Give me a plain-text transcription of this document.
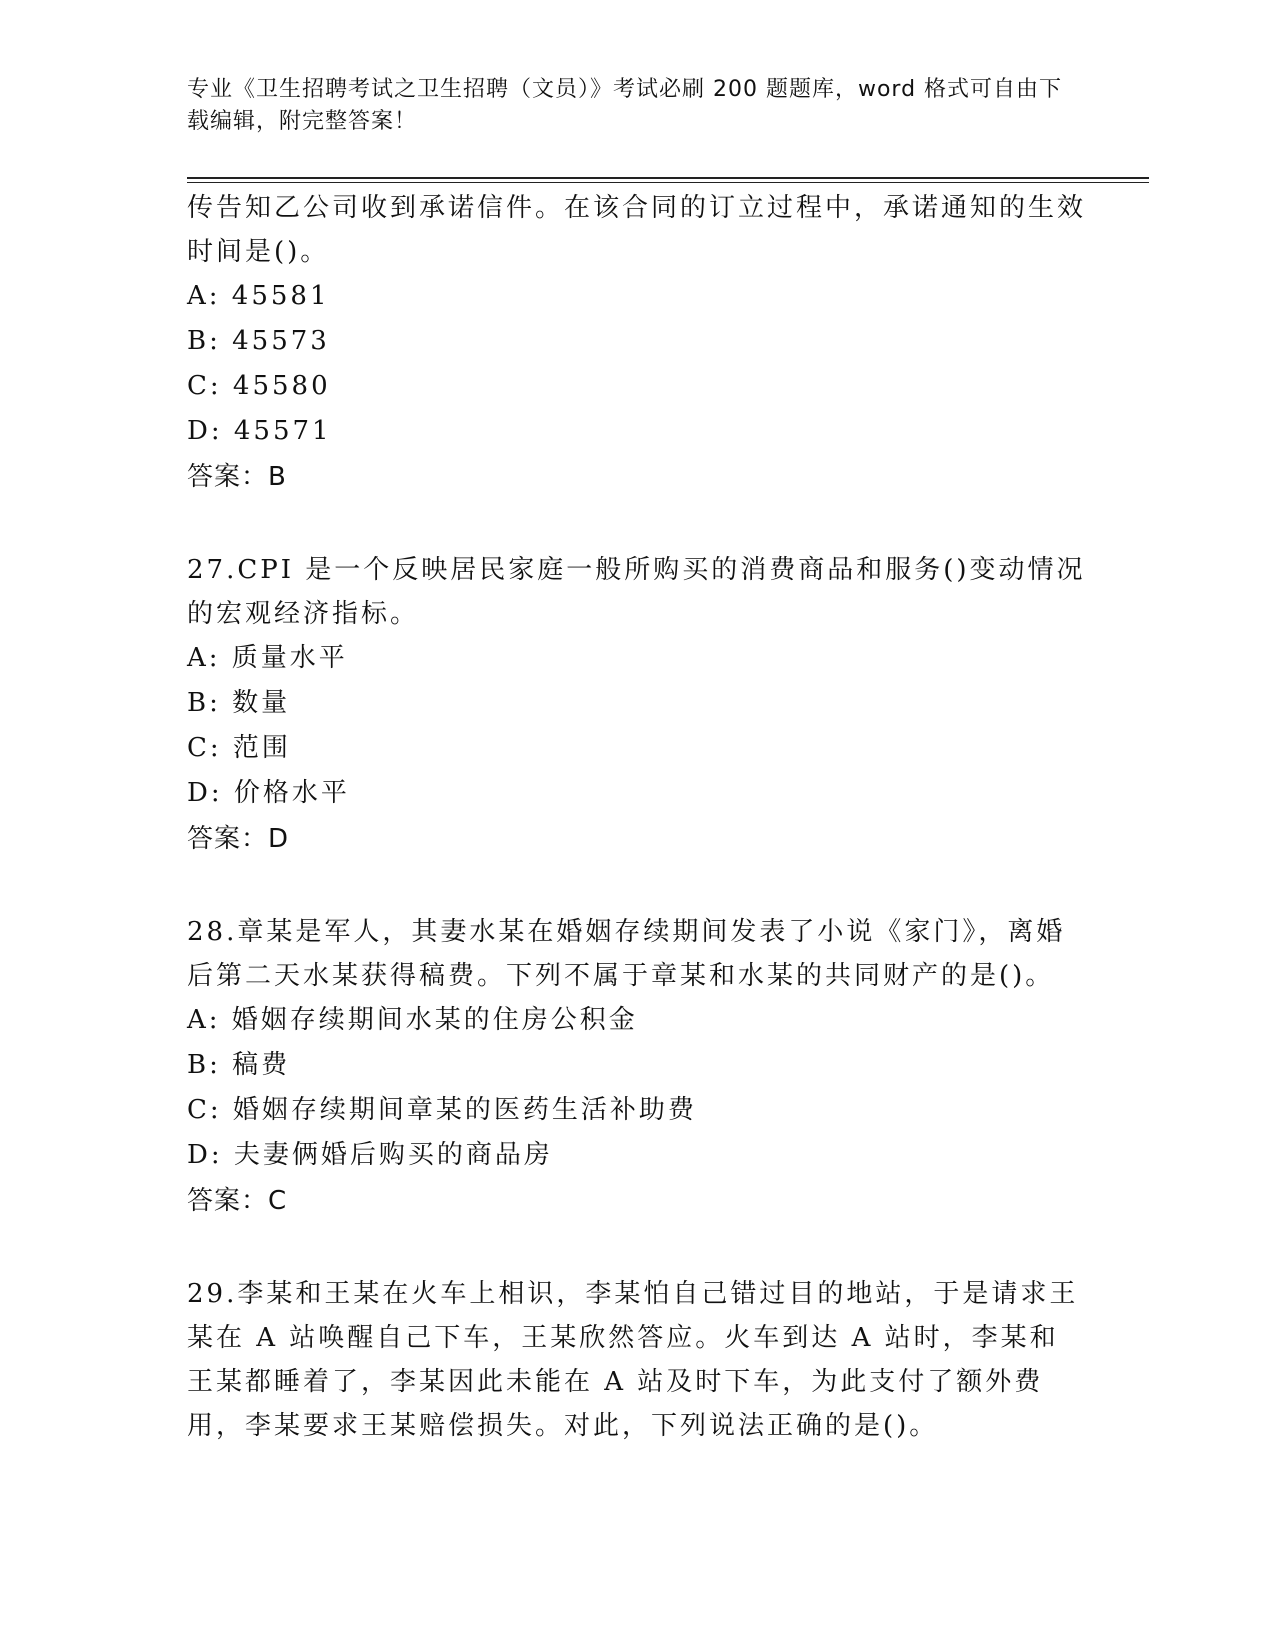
专业《卫生招聘考试之卫生招聘（文员）》考试必刷 200 题题库，word 格式可自由下载编辑，附完整答案！

传告知乙公司收到承诺信件。在该合同的订立过程中，承诺通知的生效时间是()。

A: 45581

B: 45573

C: 45580

D: 45571

答案：B

27.CPI 是一个反映居民家庭一般所购买的消费商品和服务()变动情况的宏观经济指标。

A: 质量水平

B: 数量

C: 范围

D: 价格水平

答案：D

28.章某是军人，其妻水某在婚姻存续期间发表了小说《家门》，离婚后第二天水某获得稿费。下列不属于章某和水某的共同财产的是()。

A: 婚姻存续期间水某的住房公积金

B: 稿费

C: 婚姻存续期间章某的医药生活补助费

D: 夫妻俩婚后购买的商品房

答案：C

29.李某和王某在火车上相识，李某怕自己错过目的地站，于是请求王某在 A 站唤醒自己下车，王某欣然答应。火车到达 A 站时，李某和王某都睡着了，李某因此未能在 A 站及时下车，为此支付了额外费用，李某要求王某赔偿损失。对此，下列说法正确的是()。
